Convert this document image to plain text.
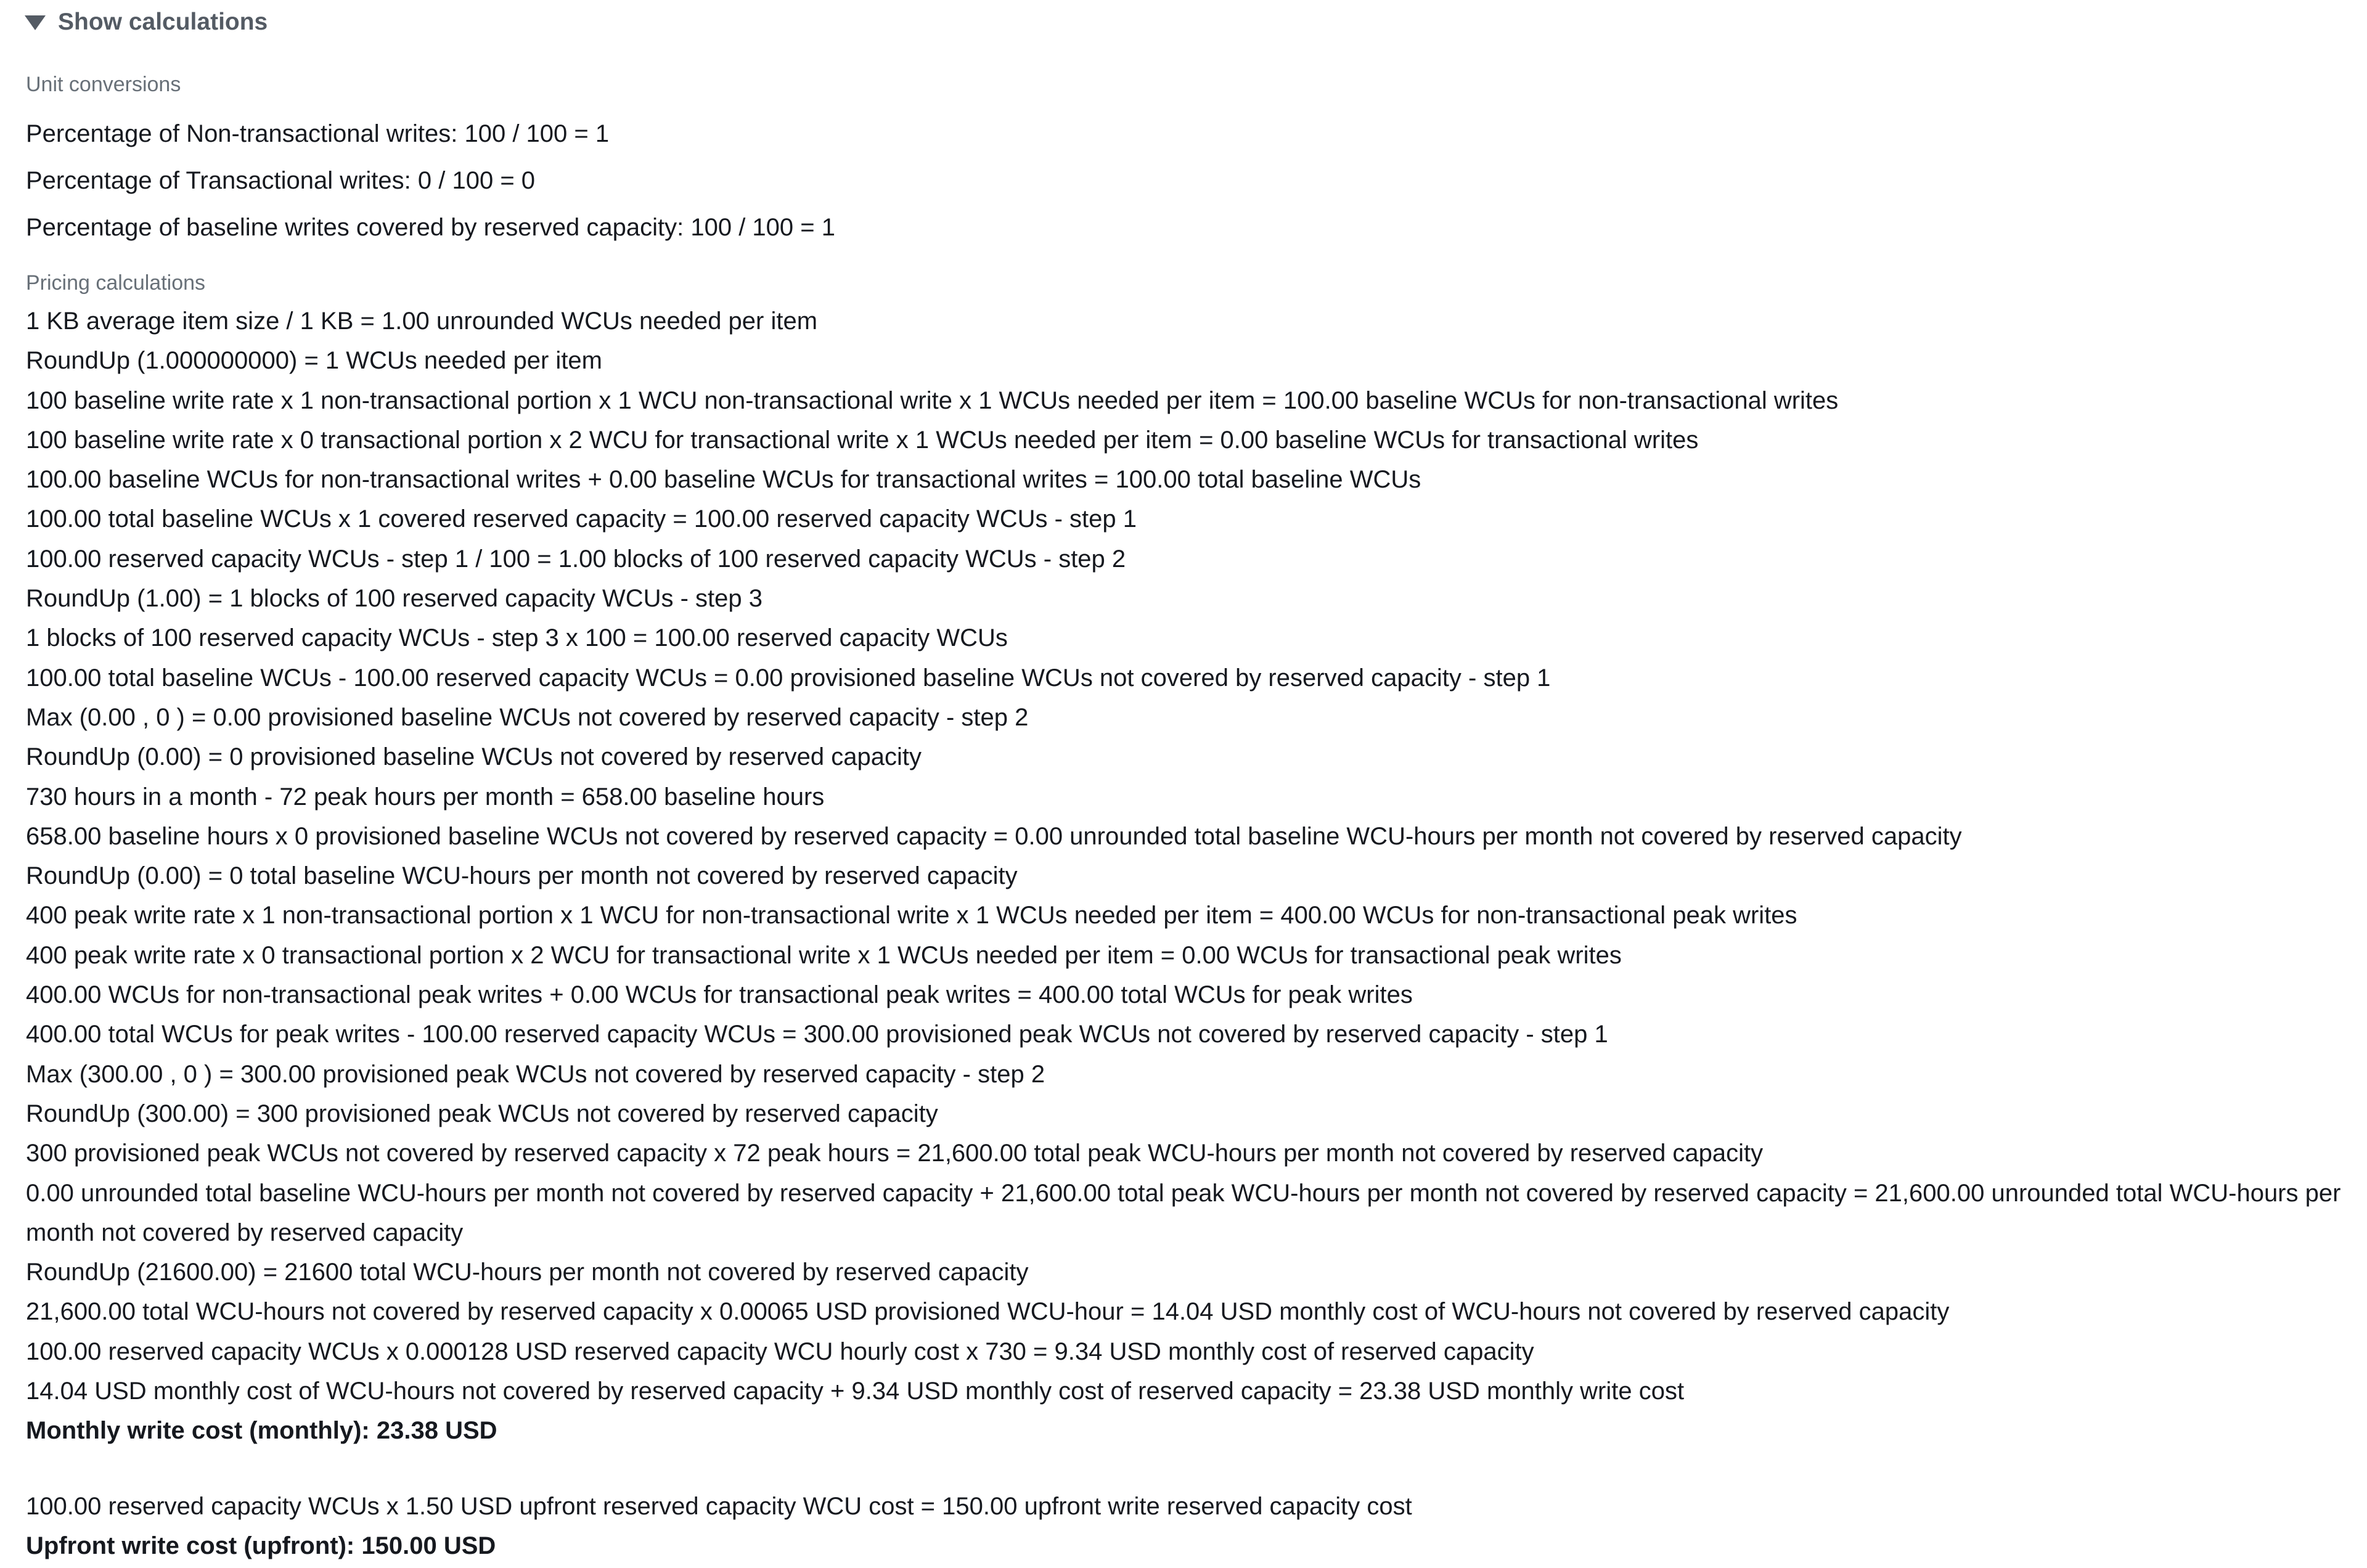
Show calculations
Unit conversions
Percentage of Non-transactional writes: 100 / 100 = 1
Percentage of Transactional writes: 0 / 100 = 0
Percentage of baseline writes covered by reserved capacity: 100 / 100 = 1
Pricing calculations
1 KB average item size / 1 KB = 1.00 unrounded WCUs needed per item
RoundUp (1.000000000) = 1 WCUs needed per item
100 baseline write rate x 1 non-transactional portion x 1 WCU non-transactional write x 1 WCUs needed per item = 100.00 baseline WCUs for non-transactional writes
100 baseline write rate x 0 transactional portion x 2 WCU for transactional write x 1 WCUs needed per item = 0.00 baseline WCUs for transactional writes
100.00 baseline WCUs for non-transactional writes + 0.00 baseline WCUs for transactional writes = 100.00 total baseline WCUs
100.00 total baseline WCUs x 1 covered reserved capacity = 100.00 reserved capacity WCUs - step 1
100.00 reserved capacity WCUs - step 1 / 100 = 1.00 blocks of 100 reserved capacity WCUs - step 2
RoundUp (1.00) = 1 blocks of 100 reserved capacity WCUs - step 3
1 blocks of 100 reserved capacity WCUs - step 3 x 100 = 100.00 reserved capacity WCUs
100.00 total baseline WCUs - 100.00 reserved capacity WCUs = 0.00 provisioned baseline WCUs not covered by reserved capacity - step 1
Max (0.00 , 0 ) = 0.00 provisioned baseline WCUs not covered by reserved capacity - step 2
RoundUp (0.00) = 0 provisioned baseline WCUs not covered by reserved capacity
730 hours in a month - 72 peak hours per month = 658.00 baseline hours
658.00 baseline hours x 0 provisioned baseline WCUs not covered by reserved capacity = 0.00 unrounded total baseline WCU-hours per month not covered by reserved capacity
RoundUp (0.00) = 0 total baseline WCU-hours per month not covered by reserved capacity
400 peak write rate x 1 non-transactional portion x 1 WCU for non-transactional write x 1 WCUs needed per item = 400.00 WCUs for non-transactional peak writes
400 peak write rate x 0 transactional portion x 2 WCU for transactional write x 1 WCUs needed per item = 0.00 WCUs for transactional peak writes
400.00 WCUs for non-transactional peak writes + 0.00 WCUs for transactional peak writes = 400.00 total WCUs for peak writes
400.00 total WCUs for peak writes - 100.00 reserved capacity WCUs = 300.00 provisioned peak WCUs not covered by reserved capacity - step 1
Max (300.00 , 0 ) = 300.00 provisioned peak WCUs not covered by reserved capacity - step 2
RoundUp (300.00) = 300 provisioned peak WCUs not covered by reserved capacity
300 provisioned peak WCUs not covered by reserved capacity x 72 peak hours = 21,600.00 total peak WCU-hours per month not covered by reserved capacity
0.00 unrounded total baseline WCU-hours per month not covered by reserved capacity + 21,600.00 total peak WCU-hours per month not covered by reserved capacity = 21,600.00 unrounded total WCU-hours per month not covered by reserved capacity
RoundUp (21600.00) = 21600 total WCU-hours per month not covered by reserved capacity
21,600.00 total WCU-hours not covered by reserved capacity x 0.00065 USD provisioned WCU-hour = 14.04 USD monthly cost of WCU-hours not covered by reserved capacity
100.00 reserved capacity WCUs x 0.000128 USD reserved capacity WCU hourly cost x 730 = 9.34 USD monthly cost of reserved capacity
14.04 USD monthly cost of WCU-hours not covered by reserved capacity + 9.34 USD monthly cost of reserved capacity = 23.38 USD monthly write cost
Monthly write cost (monthly): 23.38 USD
100.00 reserved capacity WCUs x 1.50 USD upfront reserved capacity WCU cost = 150.00 upfront write reserved capacity cost
Upfront write cost (upfront): 150.00 USD
